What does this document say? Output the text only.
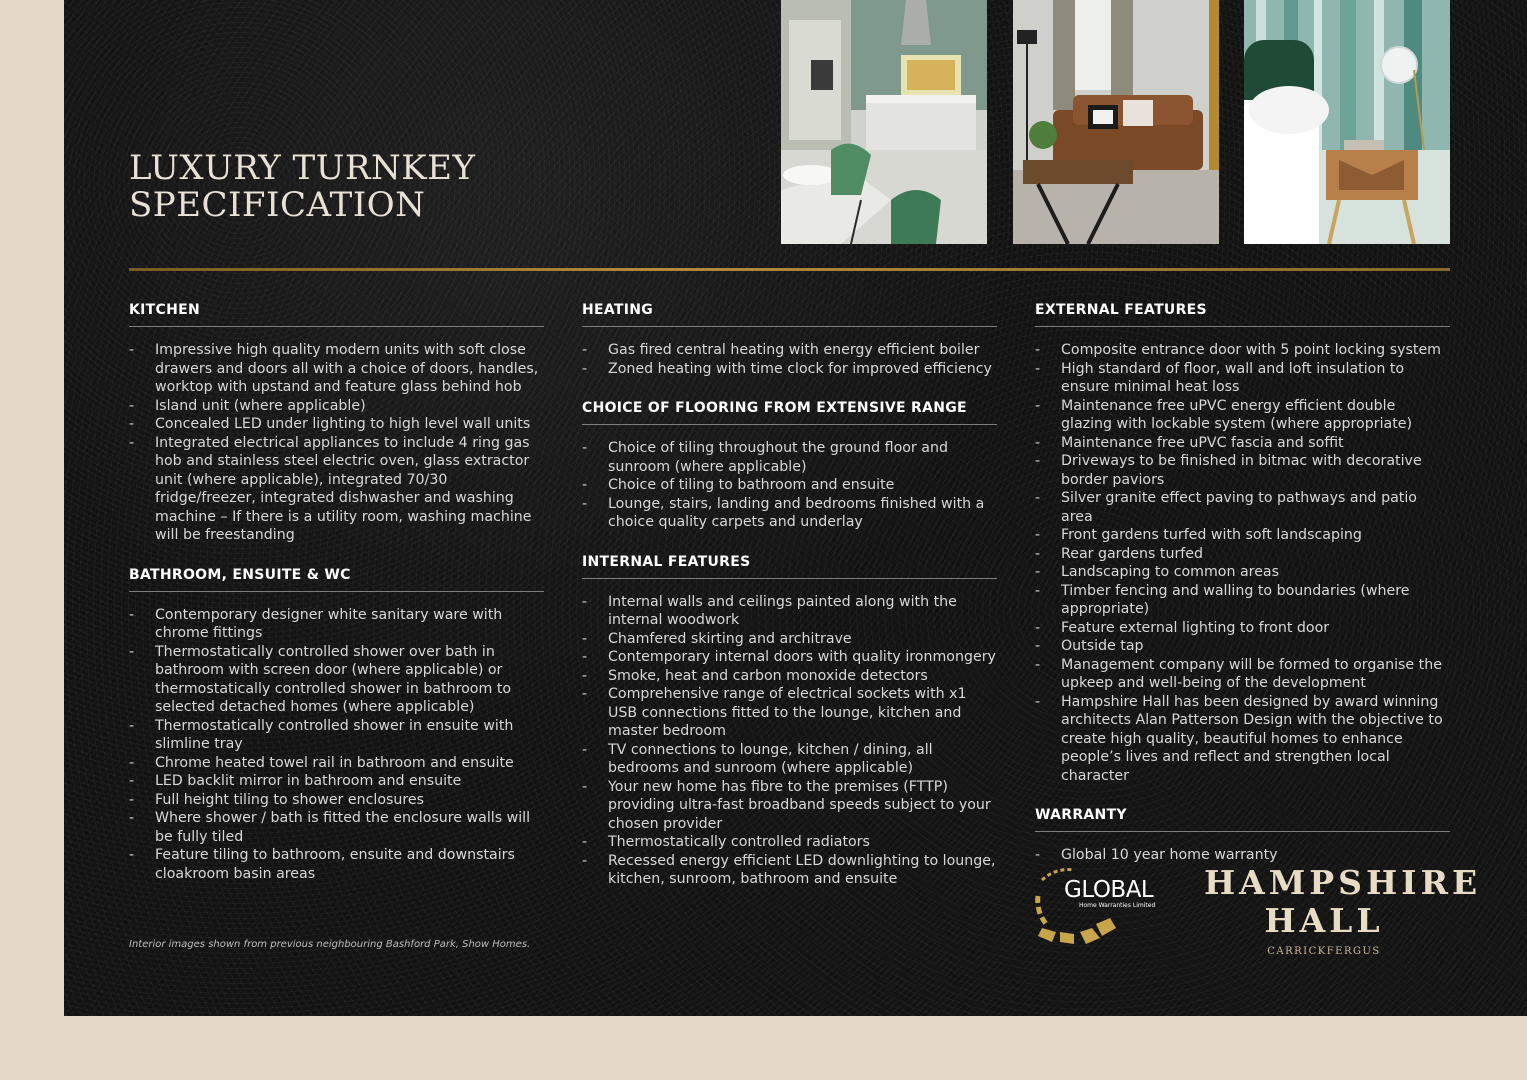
LUXURY TURNKEY
SPECIFICATION
KITCHEN
- Impressive high quality modern units with soft close drawers and doors all with a choice of doors, handles, worktop with upstand and feature glass behind hob
- Island unit (where applicable)
- Concealed LED under lighting to high level wall units
- Integrated electrical appliances to include 4 ring gas hob and stainless steel electric oven, glass extractor unit (where applicable), integrated 70/30 fridge/freezer, integrated dishwasher and washing machine – If there is a utility room, washing machine will be freestanding
BATHROOM, ENSUITE & WC
- Contemporary designer white sanitary ware with chrome fittings
- Thermostatically controlled shower over bath in bathroom with screen door (where applicable) or thermostatically controlled shower in bathroom to selected detached homes (where applicable)
- Thermostatically controlled shower in ensuite with slimline tray
- Chrome heated towel rail in bathroom and ensuite
- LED backlit mirror in bathroom and ensuite
- Full height tiling to shower enclosures
- Where shower / bath is fitted the enclosure walls will be fully tiled
- Feature tiling to bathroom, ensuite and downstairs cloakroom basin areas
HEATING
- Gas fired central heating with energy efficient boiler
- Zoned heating with time clock for improved efficiency
CHOICE OF FLOORING FROM EXTENSIVE RANGE
- Choice of tiling throughout the ground floor and sunroom (where applicable)
- Choice of tiling to bathroom and ensuite
- Lounge, stairs, landing and bedrooms finished with a choice quality carpets and underlay
INTERNAL FEATURES
- Internal walls and ceilings painted along with the internal woodwork
- Chamfered skirting and architrave
- Contemporary internal doors with quality ironmongery
- Smoke, heat and carbon monoxide detectors
- Comprehensive range of electrical sockets with x1 USB connections fitted to the lounge, kitchen and master bedroom
- TV connections to lounge, kitchen / dining, all bedrooms and sunroom (where applicable)
- Your new home has fibre to the premises (FTTP) providing ultra-fast broadband speeds subject to your chosen provider
- Thermostatically controlled radiators
- Recessed energy efficient LED downlighting to lounge, kitchen, sunroom, bathroom and ensuite
EXTERNAL FEATURES
- Composite entrance door with 5 point locking system
- High standard of floor, wall and loft insulation to ensure minimal heat loss
- Maintenance free uPVC energy efficient double glazing with lockable system (where appropriate)
- Maintenance free uPVC fascia and soffit
- Driveways to be finished in bitmac with decorative border paviors
- Silver granite effect paving to pathways and patio area
- Front gardens turfed with soft landscaping
- Rear gardens turfed
- Landscaping to common areas
- Timber fencing and walling to boundaries (where appropriate)
- Feature external lighting to front door
- Outside tap
- Management company will be formed to organise the upkeep and well-being of the development
- Hampshire Hall has been designed by award winning architects Alan Patterson Design with the objective to create high quality, beautiful homes to enhance people’s lives and reflect and strengthen local character
WARRANTY
- Global 10 year home warranty

Interior images shown from previous neighbouring Bashford Park, Show Homes.

GLOBAL
Home Warranties Limited
HAMPSHIRE
HALL
CARRICKFERGUS
